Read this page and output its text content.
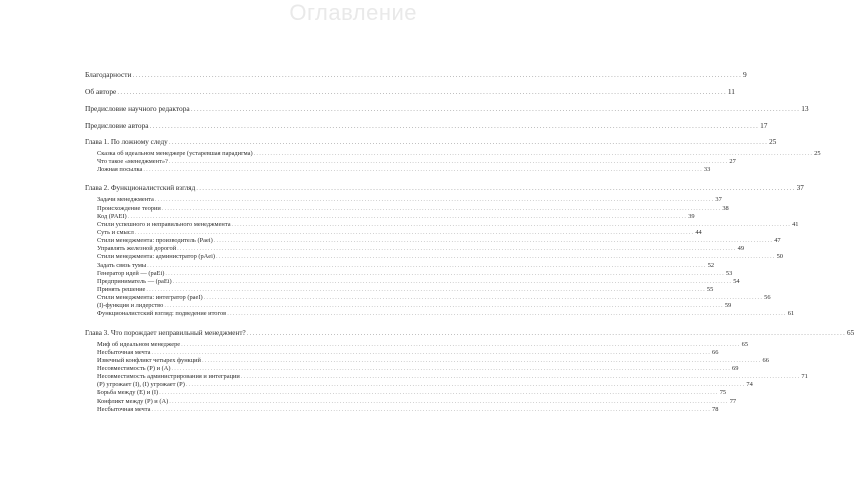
Оглавление
Благодарности ........................................................................................................................................................................................................ 9
Об авторе ........................................................................................................................................................................................................ 11
Предисловие научного редактора ........................................................................................................................................................................................................ 13
Предисловие автора ........................................................................................................................................................................................................ 17
Глава 1. По ложному следу ........................................................................................................................................................................................................ 25
Сказка об идеальном менеджере (устаревшая парадигма) ........................................................................................................................................................................................................ 25
Что такое «менеджмент»? ........................................................................................................................................................................................................ 27
Ложная посылка ........................................................................................................................................................................................................ 33
Глава 2. Функционалистский взгляд ........................................................................................................................................................................................................ 37
Задачи менеджмента ........................................................................................................................................................................................................ 37
Происхождение теории ........................................................................................................................................................................................................ 38
Код (PAEI) ........................................................................................................................................................................................................ 39
Стили успешного и неправильного менеджмента ........................................................................................................................................................................................................ 41
Суть и смысл ........................................................................................................................................................................................................ 44
Стили менеджмента: производитель (Paei) ........................................................................................................................................................................................................ 47
Управлять железной дорогой ........................................................................................................................................................................................................ 49
Стили менеджмента: администратор (pAei) ........................................................................................................................................................................................................ 50
Задать связь тумы ........................................................................................................................................................................................................ 52
Генератор идей — (paEi) ........................................................................................................................................................................................................ 53
Предприниматель — (paEi) ........................................................................................................................................................................................................ 54
Принять решение ........................................................................................................................................................................................................ 55
Стили менеджмента: интегратор (paeI) ........................................................................................................................................................................................................ 56
(I)-функция и лидерство ........................................................................................................................................................................................................ 59
Функционалистский взгляд: подведение итогов ........................................................................................................................................................................................................ 61
Глава 3. Что порождает неправильный менеджмент? ........................................................................................................................................................................................................ 65
Миф об идеальном менеджере ........................................................................................................................................................................................................ 65
Несбыточная мечта ........................................................................................................................................................................................................ 66
Извечный конфликт четырех функций ........................................................................................................................................................................................................ 66
Несовместимость (P) и (A) ........................................................................................................................................................................................................ 69
Несовместимость администрирования и интеграции ........................................................................................................................................................................................................ 71
(P) угрожает (I), (I) угрожает (P) ........................................................................................................................................................................................................ 74
Борьба между (E) и (I) ........................................................................................................................................................................................................ 75
Конфликт между (P) и (A) ........................................................................................................................................................................................................ 77
Несбыточная мечта ........................................................................................................................................................................................................ 78
